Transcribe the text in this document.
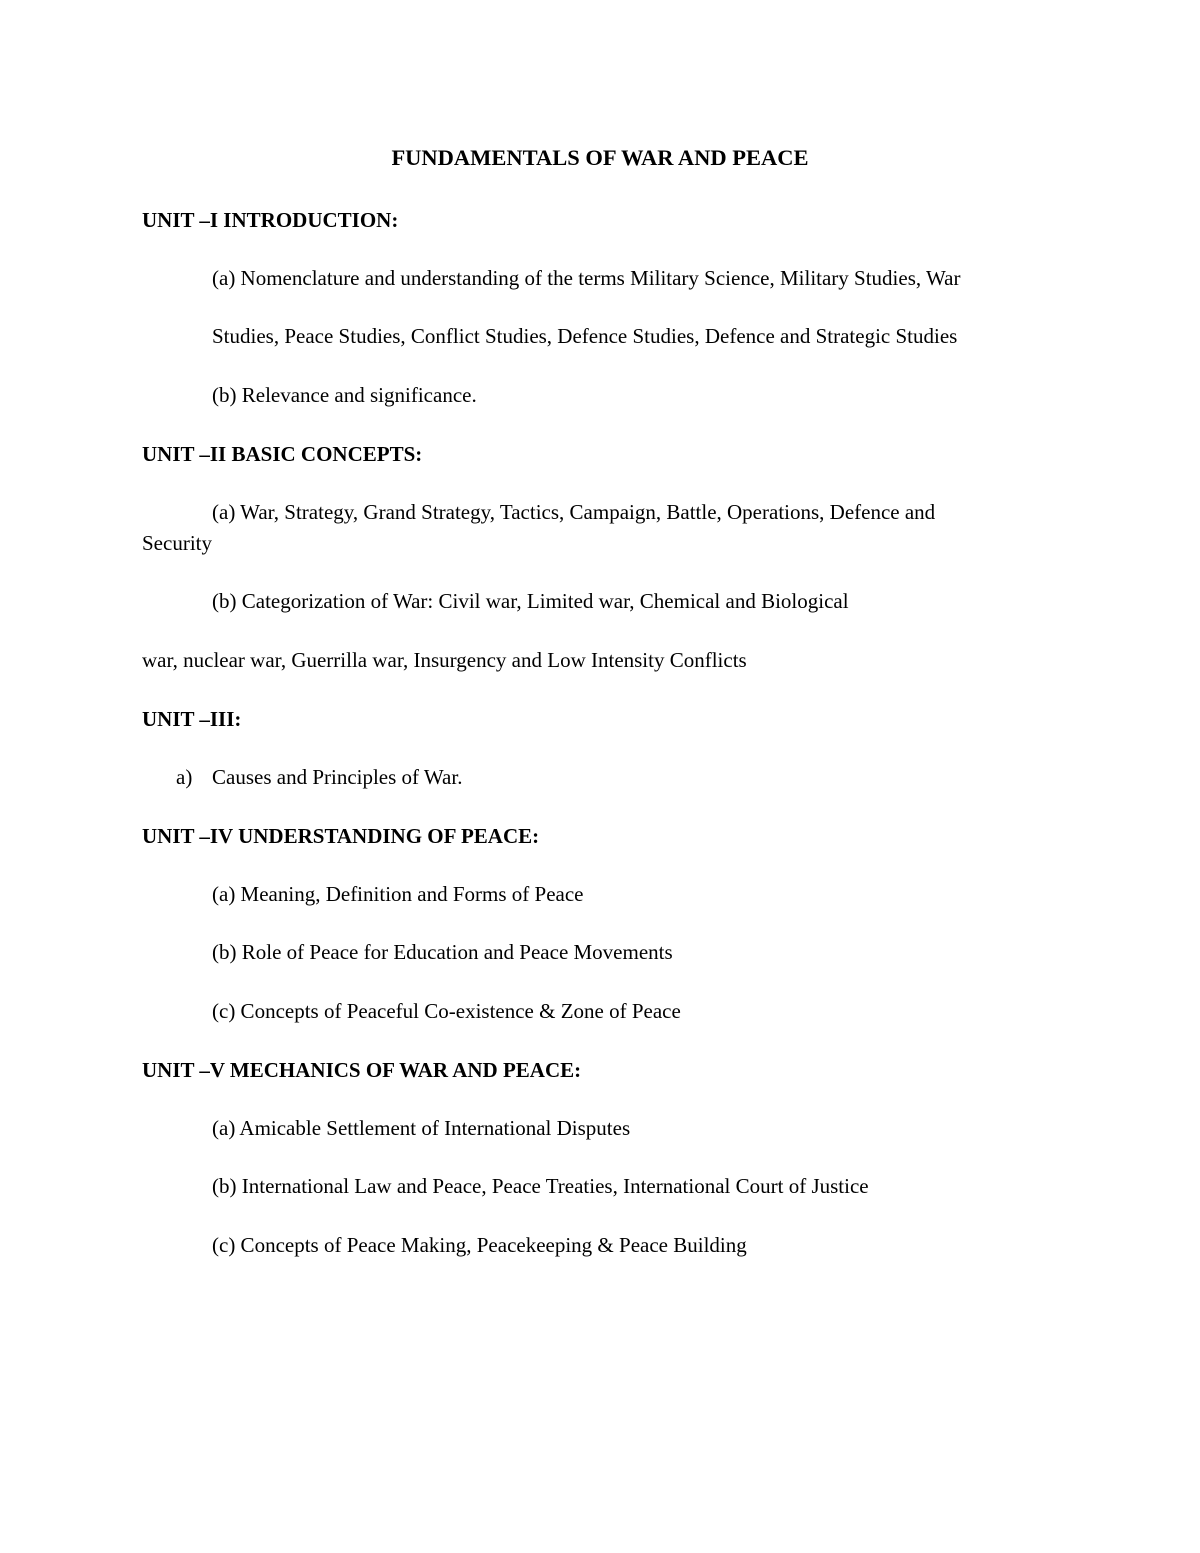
FUNDAMENTALS OF WAR AND PEACE

UNIT –I INTRODUCTION:

(a) Nomenclature and understanding of the terms Military Science, Military Studies, War

Studies, Peace Studies, Conflict Studies, Defence Studies, Defence and Strategic Studies

(b) Relevance and significance.

UNIT –II BASIC CONCEPTS:

(a) War, Strategy, Grand Strategy, Tactics, Campaign, Battle, Operations, Defence and

Security

(b) Categorization of War: Civil war, Limited war, Chemical and Biological

war, nuclear war, Guerrilla war, Insurgency and Low Intensity Conflicts

UNIT –III:

a) Causes and Principles of War.

UNIT –IV UNDERSTANDING OF PEACE:

(a) Meaning, Definition and Forms of Peace

(b) Role of Peace for Education and Peace Movements

(c) Concepts of Peaceful Co-existence & Zone of Peace

UNIT –V MECHANICS OF WAR AND PEACE:

(a) Amicable Settlement of International Disputes

(b) International Law and Peace, Peace Treaties, International Court of Justice

(c) Concepts of Peace Making, Peacekeeping & Peace Building
